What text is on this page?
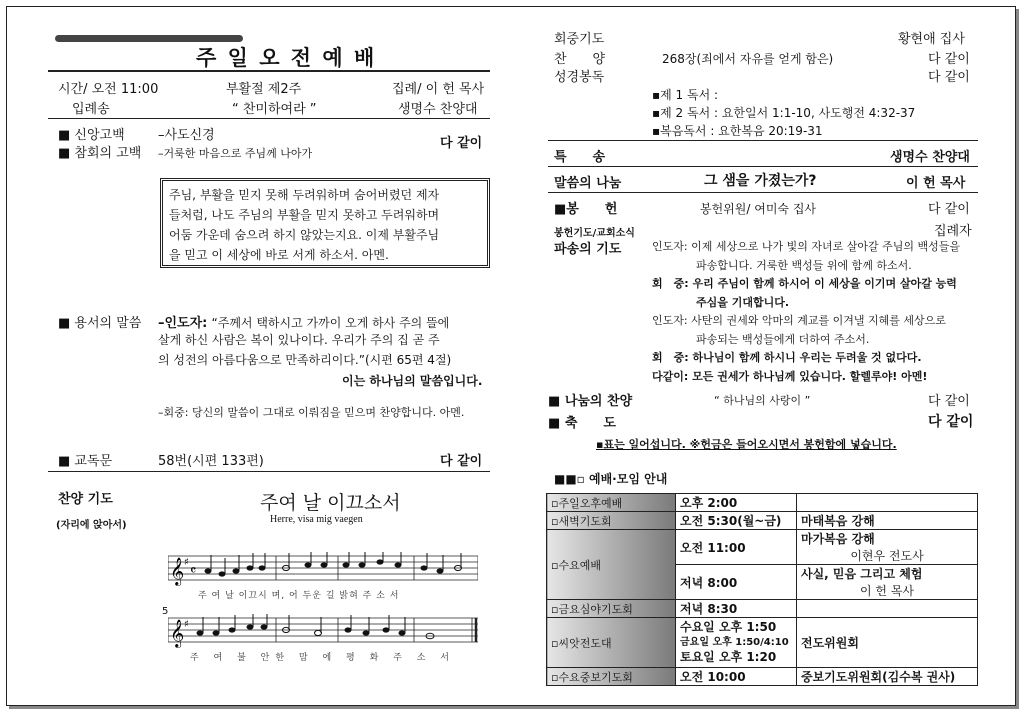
주 일 오 전 예 배
시간/ 오전 11:00	부활절 제2주	집례/ 이 헌 목사
입례송	“ 찬미하여라 ”	생명수 찬양대
■ 신앙고백	–사도신경
■ 참회의 고백 –거룩한 마음으로 주님께 나아가
다 같이
주님, 부활을 믿지 못해 두려워하며 숨어버렸던 제자
들처럼, 나도 주님의 부활을 믿지 못하고 두려워하며
어둠 가운데 숨으려 하지 않았는지요. 이제 부활주님
을 믿고 이 세상에 바로 서게 하소서. 아멘.
■ 용서의 말씀 –인도자: “주께서 택하시고 가까이 오게 하사 주의 뜰에
살게 하신 사람은 복이 있나이다. 우리가 주의 집 곧 주
의 성전의 아름다움으로 만족하리이다.”(시편 65편 4절)
이는 하나님의 말씀입니다.
–회중: 당신의 말씀이 그대로 이뤄짐을 믿으며 찬양합니다. 아멘.
■ 교독문	58번(시편 133편)	다 같이
찬양 기도
(자리에 앉아서)
주여 날 이끄소서
Herre, visa mig vaegen
𝄞 ♯
𝄴
주 여 날 이끄시 며, 어 두운 길 밝혀 주 소 서
5
𝄞 ♯
주 여 불 안한 맘 에 평 화 주 소 서
회중기도	황현애 집사
찬　　양	268장(죄에서 자유를 얻게 함은)	다 같이
성경봉독	다 같이
▪제 1 독서 :
▪제 2 독서 : 요한일서 1:1-10, 사도행전 4:32-37
▪복음독서 : 요한복음 20:19-31
특　　송	생명수 찬양대
말씀의 나눔	그 샘을 가졌는가?	이 헌 목사
■봉　　헌	봉헌위원/ 여미숙 집사	다 같이
봉헌기도/교회소식	집례자
파송의 기도	인도자: 이제 세상으로 나가 빛의 자녀로 살아갈 주님의 백성들을
파송합니다. 거룩한 백성들 위에 함께 하소서.
회　중: 우리 주님이 함께 하시어 이 세상을 이기며 살아갈 능력
주심을 기대합니다.
인도자: 사탄의 권세와 악마의 계교를 이겨낼 지혜를 세상으로
파송되는 백성들에게 더하여 주소서.
회　중: 하나님이 함께 하시니 우리는 두려울 것 없다다.
다같이: 모든 권세가 하나님께 있습니다. 할렐루야! 아멘!
■ 나눔의 찬양	“ 하나님의 사랑이 ”	다 같이
■ 축　　도	다 같이
▪표는 일어섭니다. ※헌금은 들어오시면서 봉헌함에 넣습니다.
■■▫ 예배·모임 안내
▫주일오후예배	오후 2:00	
▫새벽기도회	오전 5:30(월~금)	마태복음 강해
▫수요예배	오전 11:00	마가복음 강해
이현우 전도사

	저녁 8:00	사실, 믿음 그리고 체험
이 헌 목사

▫금요심야기도회	저녁 8:30	
▫씨앗전도대	수요일 오후 1:50
금요일 오후 1:50/4:10
토요일 오후 1:20	전도위원회
▫수요중보기도회	오전 10:00	중보기도위원회(김수복 권사)
